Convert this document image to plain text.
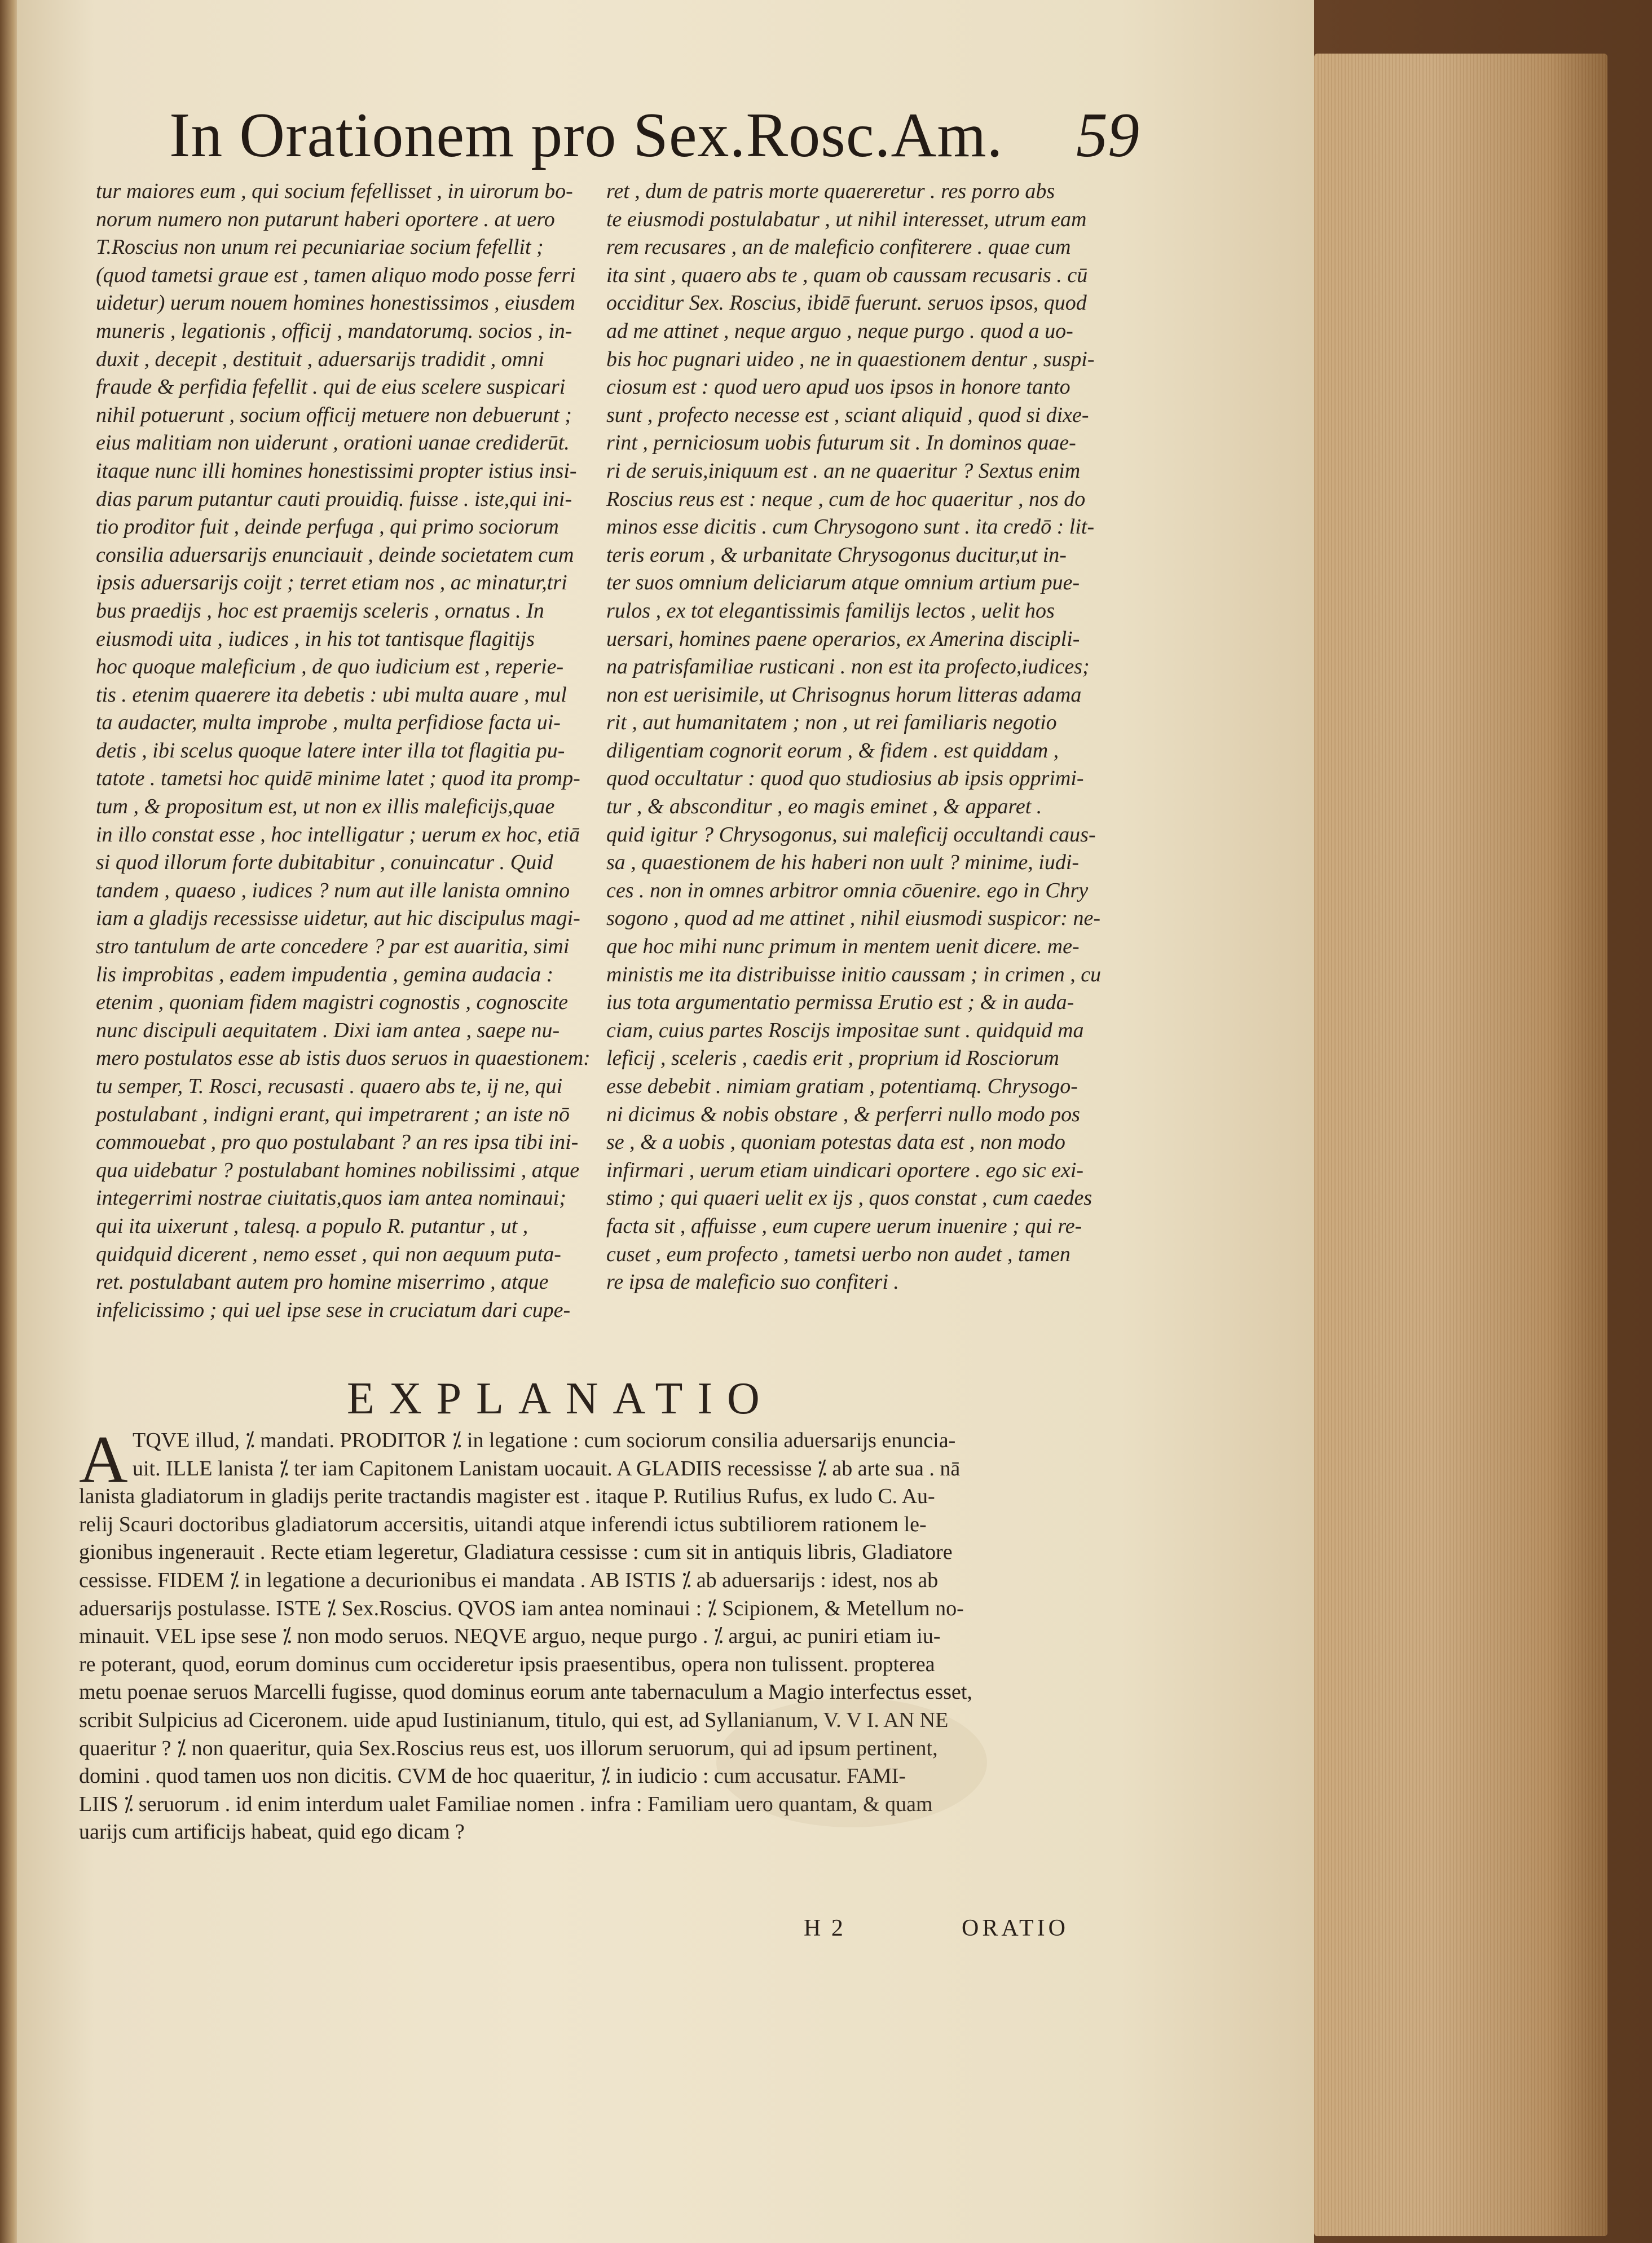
In Orationem pro Sex.Rosc.Am. 59
tur maiores eum , qui socium fefellisset , in uirorum bo-
norum numero non putarunt haberi oportere . at uero
T.Roscius non unum rei pecuniariae socium fefellit ;
(quod tametsi graue est , tamen aliquo modo posse ferri
uidetur) uerum nouem homines honestissimos , eiusdem
muneris , legationis , officij , mandatorumq. socios , in-
duxit , decepit , destituit , aduersarijs tradidit , omni
fraude & perfidia fefellit . qui de eius scelere suspicari
nihil potuerunt , socium officij metuere non debuerunt ;
eius malitiam non uiderunt , orationi uanae crediderūt.
itaque nunc illi homines honestissimi propter istius insi-
dias parum putantur cauti prouidiq. fuisse . iste,qui ini-
tio proditor fuit , deinde perfuga , qui primo sociorum
consilia aduersarijs enunciauit , deinde societatem cum
ipsis aduersarijs coijt ; terret etiam nos , ac minatur,tri
bus praedijs , hoc est praemijs sceleris , ornatus . In
eiusmodi uita , iudices , in his tot tantisque flagitijs
hoc quoque maleficium , de quo iudicium est , reperie-
tis . etenim quaerere ita debetis : ubi multa auare , mul
ta audacter, multa improbe , multa perfidiose facta ui-
detis , ibi scelus quoque latere inter illa tot flagitia pu-
tatote . tametsi hoc quidē minime latet ; quod ita promp-
tum , & propositum est, ut non ex illis maleficijs,quae
in illo constat esse , hoc intelligatur ; uerum ex hoc, etiā
si quod illorum forte dubitabitur , conuincatur . Quid
tandem , quaeso , iudices ? num aut ille lanista omnino
iam a gladijs recessisse uidetur, aut hic discipulus magi-
stro tantulum de arte concedere ? par est auaritia, simi
lis improbitas , eadem impudentia , gemina audacia :
etenim , quoniam fidem magistri cognostis , cognoscite
nunc discipuli aequitatem . Dixi iam antea , saepe nu-
mero postulatos esse ab istis duos seruos in quaestionem:
tu semper, T. Rosci, recusasti . quaero abs te, ij ne, qui
postulabant , indigni erant, qui impetrarent ; an iste nō
commouebat , pro quo postulabant ? an res ipsa tibi ini-
qua uidebatur ? postulabant homines nobilissimi , atque
integerrimi nostrae ciuitatis,quos iam antea nominaui;
qui ita uixerunt , talesq. a populo R. putantur , ut ,
quidquid dicerent , nemo esset , qui non aequum puta-
ret. postulabant autem pro homine miserrimo , atque
infelicissimo ; qui uel ipse sese in cruciatum dari cupe-
ret , dum de patris morte quaereretur . res porro abs
te eiusmodi postulabatur , ut nihil interesset, utrum eam
rem recusares , an de maleficio confiterere . quae cum
ita sint , quaero abs te , quam ob caussam recusaris . cū
occiditur Sex. Roscius, ibidē fuerunt. seruos ipsos, quod
ad me attinet , neque arguo , neque purgo . quod a uo-
bis hoc pugnari uideo , ne in quaestionem dentur , suspi-
ciosum est : quod uero apud uos ipsos in honore tanto
sunt , profecto necesse est , sciant aliquid , quod si dixe-
rint , perniciosum uobis futurum sit . In dominos quae-
ri de seruis,iniquum est . an ne quaeritur ? Sextus enim
Roscius reus est : neque , cum de hoc quaeritur , nos do
minos esse dicitis . cum Chrysogono sunt . ita credō : lit-
teris eorum , & urbanitate Chrysogonus ducitur,ut in-
ter suos omnium deliciarum atque omnium artium pue-
rulos , ex tot elegantissimis familijs lectos , uelit hos
uersari, homines paene operarios, ex Amerina discipli-
na patrisfamiliae rusticani . non est ita profecto,iudices;
non est uerisimile, ut Chrisognus horum litteras adama
rit , aut humanitatem ; non , ut rei familiaris negotio
diligentiam cognorit eorum , & fidem . est quiddam ,
quod occultatur : quod quo studiosius ab ipsis opprimi-
tur , & absconditur , eo magis eminet , & apparet .
quid igitur ? Chrysogonus, sui maleficij occultandi caus-
sa , quaestionem de his haberi non uult ? minime, iudi-
ces . non in omnes arbitror omnia cōuenire. ego in Chry
sogono , quod ad me attinet , nihil eiusmodi suspicor: ne-
que hoc mihi nunc primum in mentem uenit dicere. me-
ministis me ita distribuisse initio caussam ; in crimen , cu
ius tota argumentatio permissa Erutio est ; & in auda-
ciam, cuius partes Roscijs impositae sunt . quidquid ma
leficij , sceleris , caedis erit , proprium id Rosciorum
esse debebit . nimiam gratiam , potentiamq. Chrysogo-
ni dicimus & nobis obstare , & perferri nullo modo pos
se , & a uobis , quoniam potestas data est , non modo
infirmari , uerum etiam uindicari oportere . ego sic exi-
stimo ; qui quaeri uelit ex ijs , quos constat , cum caedes
facta sit , affuisse , eum cupere uerum inuenire ; qui re-
cuset , eum profecto , tametsi uerbo non audet , tamen
re ipsa de maleficio suo confiteri .
EXPLANATIO
A TQVE illud, ⁒ mandati. PRODITOR ⁒ in legatione : cum sociorum consilia aduersarijs enuncia-
uit. ILLE lanista ⁒ ter iam Capitonem Lanistam uocauit. A GLADIIS recessisse ⁒ ab arte sua . nā
lanista gladiatorum in gladijs perite tractandis magister est . itaque P. Rutilius Rufus, ex ludo C. Au-
relij Scauri doctoribus gladiatorum accersitis, uitandi atque inferendi ictus subtiliorem rationem le-
gionibus ingenerauit . Recte etiam legeretur, Gladiatura cessisse : cum sit in antiquis libris, Gladiatore
cessisse. FIDEM ⁒ in legatione a decurionibus ei mandata . AB ISTIS ⁒ ab aduersarijs : idest, nos ab
aduersarijs postulasse. ISTE ⁒ Sex.Roscius. QVOS iam antea nominaui : ⁒ Scipionem, & Metellum no-
minauit. VEL ipse sese ⁒ non modo seruos. NEQVE arguo, neque purgo . ⁒ argui, ac puniri etiam iu-
re poterant, quod, eorum dominus cum occideretur ipsis praesentibus, opera non tulissent. propterea
metu poenae seruos Marcelli fugisse, quod dominus eorum ante tabernaculum a Magio interfectus esset,
scribit Sulpicius ad Ciceronem. uide apud Iustinianum, titulo, qui est, ad Syllanianum, V. V I. AN NE
quaeritur ? ⁒ non quaeritur, quia Sex.Roscius reus est, uos illorum seruorum, qui ad ipsum pertinent,
domini . quod tamen uos non dicitis. CVM de hoc quaeritur, ⁒ in iudicio : cum accusatur. FAMI-
LIIS ⁒ seruorum . id enim interdum ualet Familiae nomen . infra : Familiam uero quantam, & quam
uarijs cum artificijs habeat, quid ego dicam ?
H 2	ORATIO
